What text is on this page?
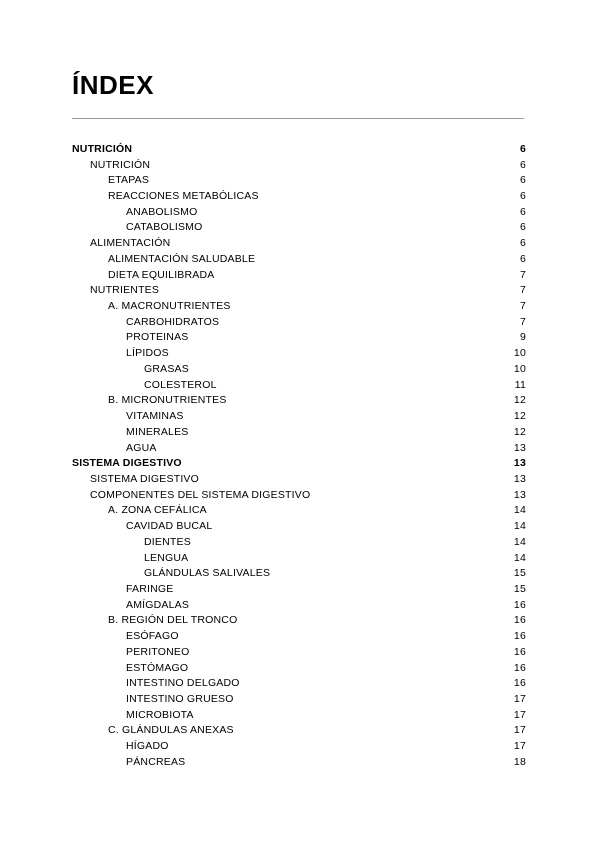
ÍNDEX
NUTRICIÓN	6
NUTRICIÓN	6
ETAPAS	6
REACCIONES METABÓLICAS	6
ANABOLISMO	6
CATABOLISMO	6
ALIMENTACIÓN	6
ALIMENTACIÓN SALUDABLE	6
DIETA EQUILIBRADA	7
NUTRIENTES	7
A. MACRONUTRIENTES	7
CARBOHIDRATOS	7
PROTEINAS	9
LÍPIDOS	10
GRASAS	10
COLESTEROL	11
B. MICRONUTRIENTES	12
VITAMINAS	12
MINERALES	12
AGUA	13
SISTEMA DIGESTIVO	13
SISTEMA DIGESTIVO	13
COMPONENTES DEL SISTEMA DIGESTIVO	13
A. ZONA CEFÁLICA	14
CAVIDAD BUCAL	14
DIENTES	14
LENGUA	14
GLÁNDULAS SALIVALES	15
FARINGE	15
AMÍGDALAS	16
B. REGIÓN DEL TRONCO	16
ESÓFAGO	16
PERITONEO	16
ESTÓMAGO	16
INTESTINO DELGADO	16
INTESTINO GRUESO	17
MICROBIOTA	17
C. GLÁNDULAS ANEXAS	17
HÍGADO	17
PÁNCREAS	18
